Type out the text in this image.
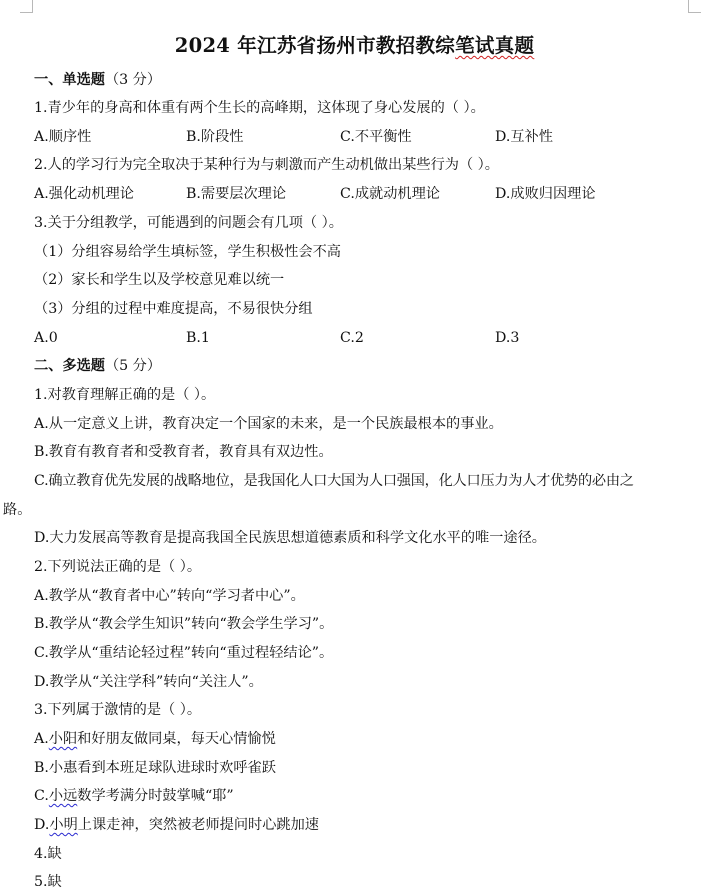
2024 年江苏省扬州市教招教综笔试真题
一、单选题（3 分）
1.青少年的身高和体重有两个生长的高峰期，这体现了身心发展的（ ）。
A.顺序性	B.阶段性	C.不平衡性	D.互补性
2.人的学习行为完全取决于某种行为与刺激而产生动机做出某些行为（ ）。
A.强化动机理论	B.需要层次理论	C.成就动机理论	D.成败归因理论
3.关于分组教学，可能遇到的问题会有几项（ ）。
（1）分组容易给学生填标签，学生积极性会不高
（2）家长和学生以及学校意见难以统一
（3）分组的过程中难度提高，不易很快分组
A.0	B.1	C.2	D.3
二、多选题（5 分）
1.对教育理解正确的是（ ）。
A.从一定意义上讲，教育决定一个国家的未来，是一个民族最根本的事业。
B.教育有教育者和受教育者，教育具有双边性。
C.确立教育优先发展的战略地位，是我国化人口大国为人口强国，化人口压力为人才优势的必由之
路。
D.大力发展高等教育是提高我国全民族思想道德素质和科学文化水平的唯一途径。
2.下列说法正确的是（ ）。
A.教学从“教育者中心”转向“学习者中心”。
B.教学从“教会学生知识”转向“教会学生学习”。
C.教学从“重结论轻过程”转向“重过程轻结论”。
D.教学从“关注学科”转向“关注人”。
3.下列属于激情的是（ ）。
A.小阳和好朋友做同桌，每天心情愉悦
B.小惠看到本班足球队进球时欢呼雀跃
C.小远数学考满分时鼓掌喊“耶”
D.小明上课走神，突然被老师提问时心跳加速
4.缺
5.缺
